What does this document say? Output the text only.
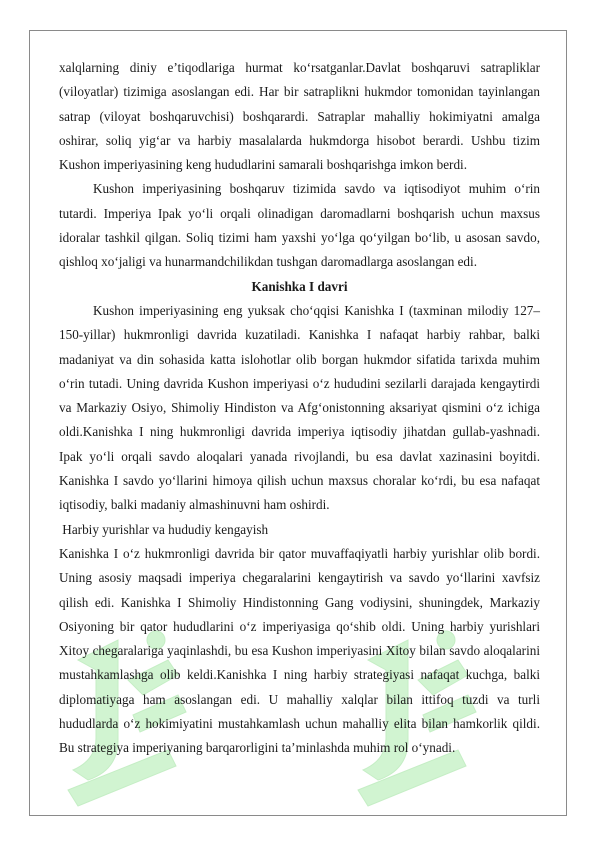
xalqlarning diniy e’tiqodlariga hurmat ko‘rsatganlar.Davlat boshqaruvi satrapliklar (viloyatlar) tizimiga asoslangan edi. Har bir satraplikni hukmdor tomonidan tayinlangan satrap (viloyat boshqaruvchisi) boshqarardi. Satraplar mahalliy hokimiyatni amalga oshirar, soliq yig‘ar va harbiy masalalarda hukmdorga hisobot berardi. Ushbu tizim Kushon imperiyasining keng hududlarini samarali boshqarishga imkon berdi.

Kushon imperiyasining boshqaruv tizimida savdo va iqtisodiyot muhim o‘rin tutardi. Imperiya Ipak yo‘li orqali olinadigan daromadlarni boshqarish uchun maxsus idoralar tashkil qilgan. Soliq tizimi ham yaxshi yo‘lga qo‘yilgan bo‘lib, u asosan savdo, qishloq xo‘jaligi va hunarmandchilikdan tushgan daromadlarga asoslangan edi.

Kanishka I davri

Kushon imperiyasining eng yuksak cho‘qqisi Kanishka I (taxminan milodiy 127–150-yillar) hukmronligi davrida kuzatiladi. Kanishka I nafaqat harbiy rahbar, balki madaniyat va din sohasida katta islohotlar olib borgan hukmdor sifatida tarixda muhim o‘rin tutadi. Uning davrida Kushon imperiyasi o‘z hududini sezilarli darajada kengaytirdi va Markaziy Osiyo, Shimoliy Hindiston va Afg‘onistonning aksariyat qismini o‘z ichiga oldi.Kanishka I ning hukmronligi davrida imperiya iqtisodiy jihatdan gullab-yashnadi. Ipak yo‘li orqali savdo aloqalari yanada rivojlandi, bu esa davlat xazinasini boyitdi. Kanishka I savdo yo‘llarini himoya qilish uchun maxsus choralar ko‘rdi, bu esa nafaqat iqtisodiy, balki madaniy almashinuvni ham oshirdi.

Harbiy yurishlar va hududiy kengayish

Kanishka I o‘z hukmronligi davrida bir qator muvaffaqiyatli harbiy yurishlar olib bordi. Uning asosiy maqsadi imperiya chegaralarini kengaytirish va savdo yo‘llarini xavfsiz qilish edi. Kanishka I Shimoliy Hindistonning Gang vodiysini, shuningdek, Markaziy Osiyoning bir qator hududlarini o‘z imperiyasiga qo‘shib oldi. Uning harbiy yurishlari Xitoy chegaralariga yaqinlashdi, bu esa Kushon imperiyasini Xitoy bilan savdo aloqalarini mustahkamlashga olib keldi.Kanishka I ning harbiy strategiyasi nafaqat kuchga, balki diplomatiyaga ham asoslangan edi. U mahalliy xalqlar bilan ittifoq tuzdi va turli hududlarda o‘z hokimiyatini mustahkamlash uchun mahalliy elita bilan hamkorlik qildi. Bu strategiya imperiyaning barqarorligini ta’minlashda muhim rol o‘ynadi.
